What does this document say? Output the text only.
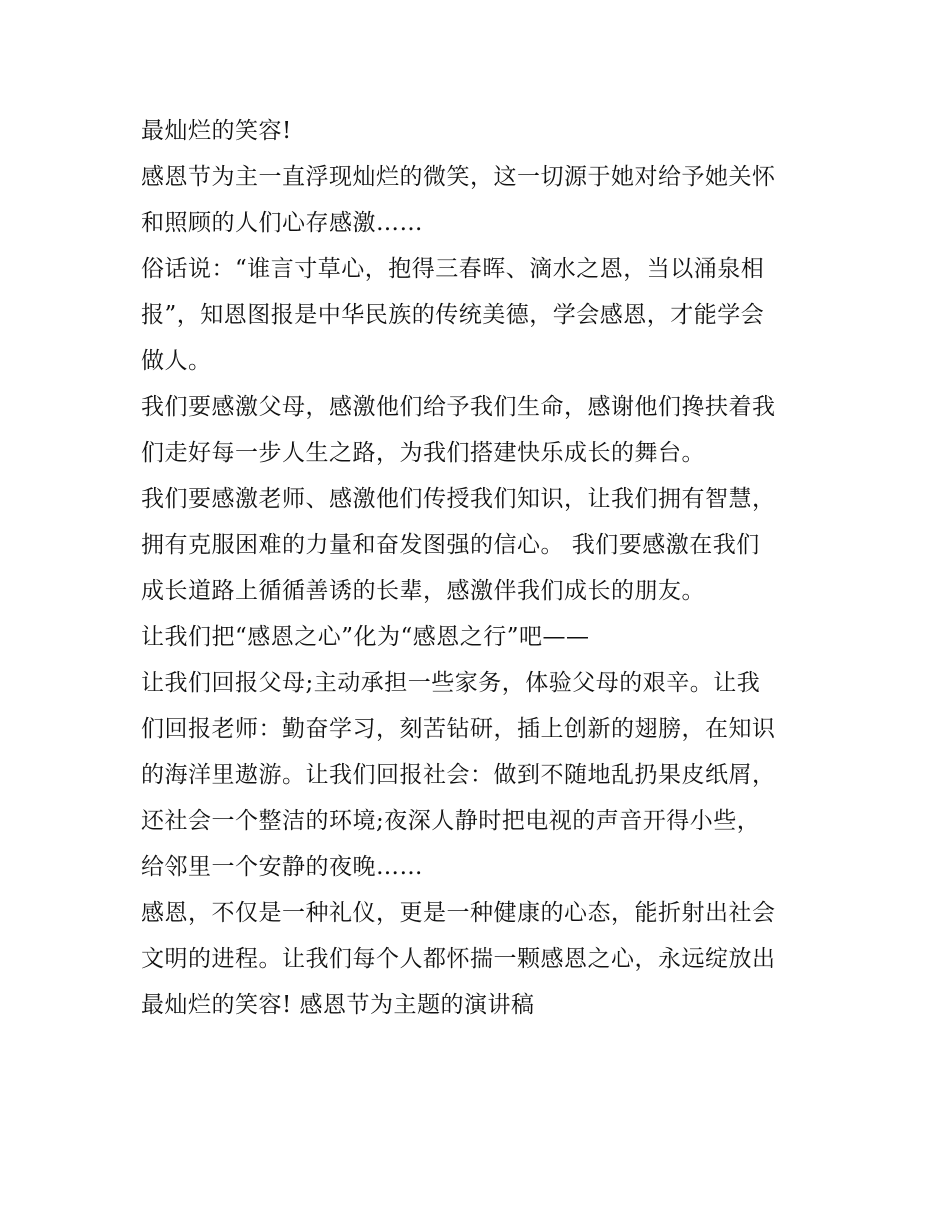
最灿烂的笑容!
感恩节为主一直浮现灿烂的微笑，这一切源于她对给予她关怀
和照顾的人们心存感激……
俗话说：“谁言寸草心，抱得三春晖、滴水之恩，当以涌泉相
报”，知恩图报是中华民族的传统美德，学会感恩，才能学会
做人。
我们要感激父母，感激他们给予我们生命，感谢他们搀扶着我
们走好每一步人生之路，为我们搭建快乐成长的舞台。
我们要感激老师、感激他们传授我们知识，让我们拥有智慧，
拥有克服困难的力量和奋发图强的信心。 我们要感激在我们
成长道路上循循善诱的长辈，感激伴我们成长的朋友。
让我们把“感恩之心”化为“感恩之行”吧——
让我们回报父母;主动承担一些家务，体验父母的艰辛。让我
们回报老师：勤奋学习，刻苦钻研，插上创新的翅膀，在知识
的海洋里遨游。让我们回报社会：做到不随地乱扔果皮纸屑，
还社会一个整洁的环境;夜深人静时把电视的声音开得小些，
给邻里一个安静的夜晚……
感恩，不仅是一种礼仪，更是一种健康的心态，能折射出社会
文明的进程。让我们每个人都怀揣一颗感恩之心，永远绽放出
最灿烂的笑容! 感恩节为主题的演讲稿
